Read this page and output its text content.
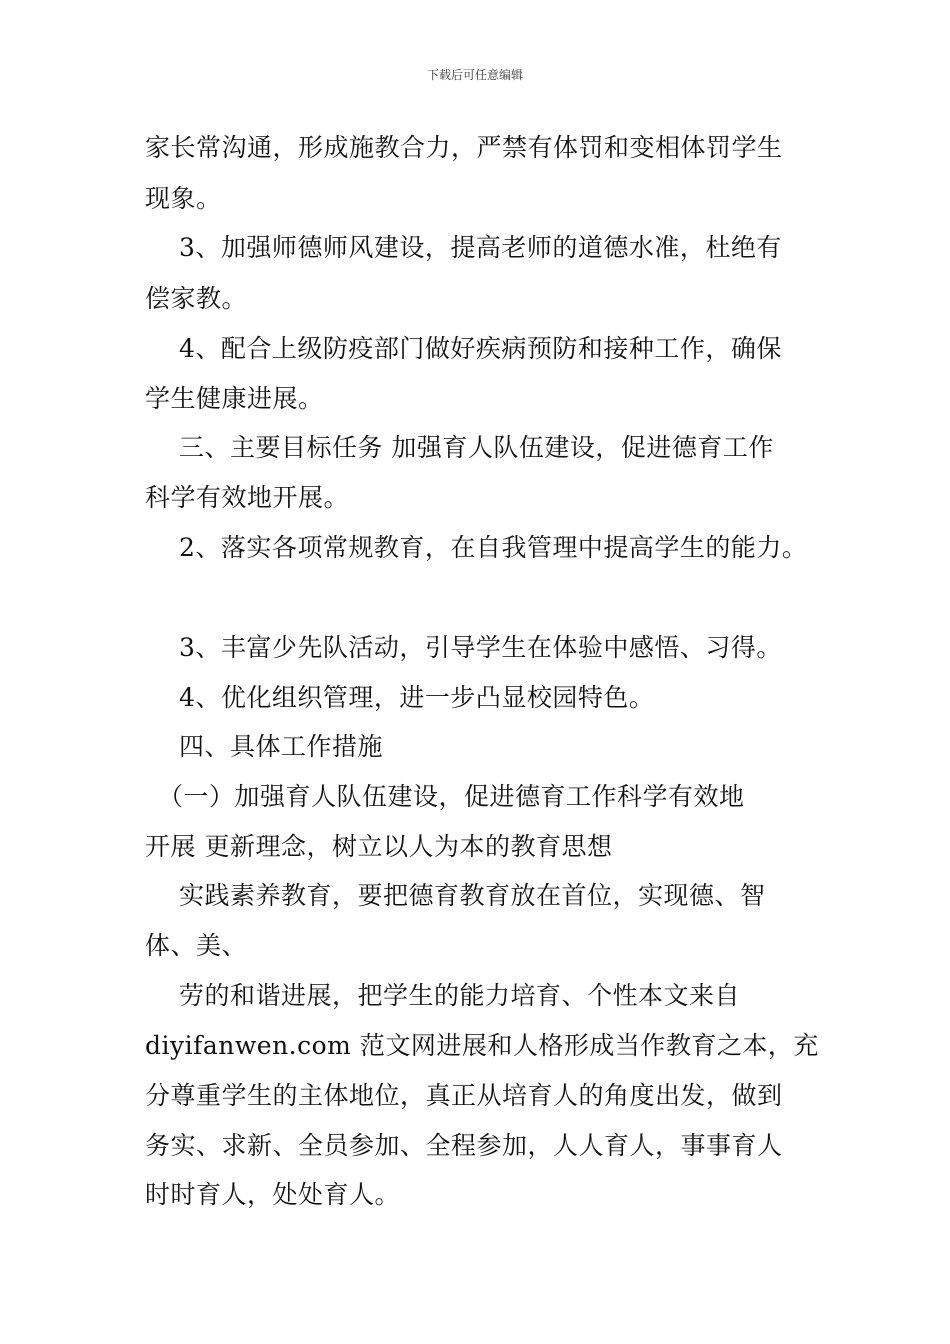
下载后可任意编辑
家长常沟通，形成施教合力，严禁有体罚和变相体罚学生
现象。
　 3、加强师德师风建设，提高老师的道德水准，杜绝有
偿家教。
　 4、配合上级防疫部门做好疾病预防和接种工作，确保
学生健康进展。
　 三、主要目标任务 加强育人队伍建设，促进德育工作
科学有效地开展。
　 2、落实各项常规教育，在自我管理中提高学生的能力。
　 3、丰富少先队活动，引导学生在体验中感悟、习得。
　 4、优化组织管理，进一步凸显校园特色。
　 四、具体工作措施
　（一）加强育人队伍建设，促进德育工作科学有效地
开展 更新理念，树立以人为本的教育思想
　 实践素养教育，要把德育教育放在首位，实现德、智
体、美、
　 劳的和谐进展，把学生的能力培育、个性本文来自
diyifanwen.com 范文网进展和人格形成当作教育之本，充
分尊重学生的主体地位，真正从培育人的角度出发，做到
务实、求新、全员参加、全程参加，人人育人，事事育人
时时育人，处处育人。
